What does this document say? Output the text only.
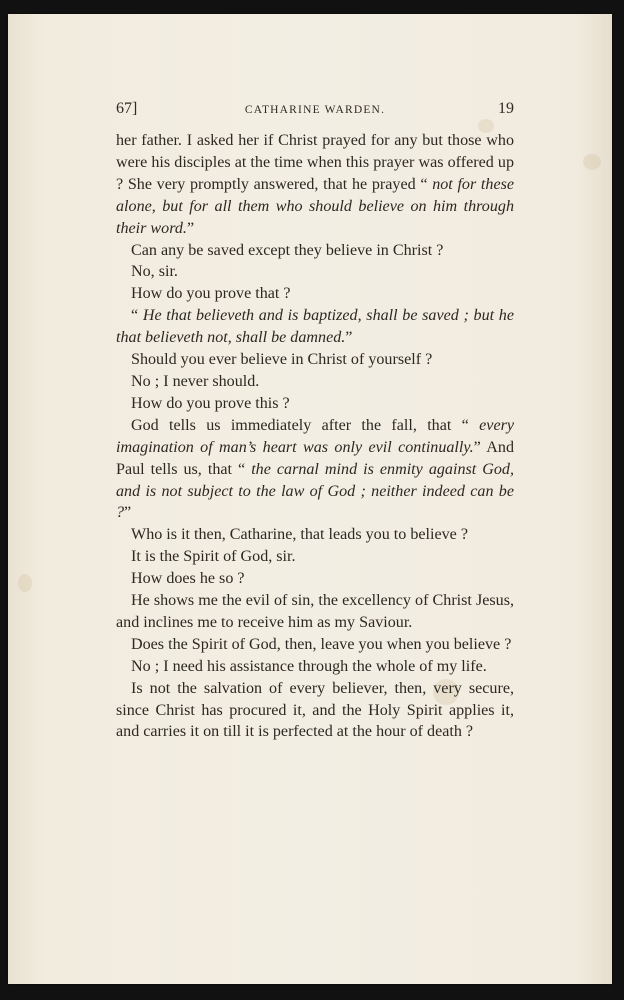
67]	CATHARINE WARDEN.	19

her father. I asked her if Christ prayed for any but those who were his disciples at the time when this prayer was offered up ? She very promptly answered, that he prayed “ not for these alone, but for all them who should believe on him through their word.”

Can any be saved except they believe in Christ ?

No, sir.

How do you prove that ?

“ He that believeth and is baptized, shall be saved ; but he that believeth not, shall be damned.”

Should you ever believe in Christ of yourself ?

No ; I never should.

How do you prove this ?

God tells us immediately after the fall, that “ every imagination of man’s heart was only evil continually.” And Paul tells us, that “ the carnal mind is enmity against God, and is not subject to the law of God ; neither indeed can be ?”

Who is it then, Catharine, that leads you to believe ?

It is the Spirit of God, sir.

How does he so ?

He shows me the evil of sin, the excellency of Christ Jesus, and inclines me to receive him as my Saviour.

Does the Spirit of God, then, leave you when you believe ?

No ; I need his assistance through the whole of my life.

Is not the salvation of every believer, then, very secure, since Christ has procured it, and the Holy Spirit applies it, and carries it on till it is perfected at the hour of death ?
